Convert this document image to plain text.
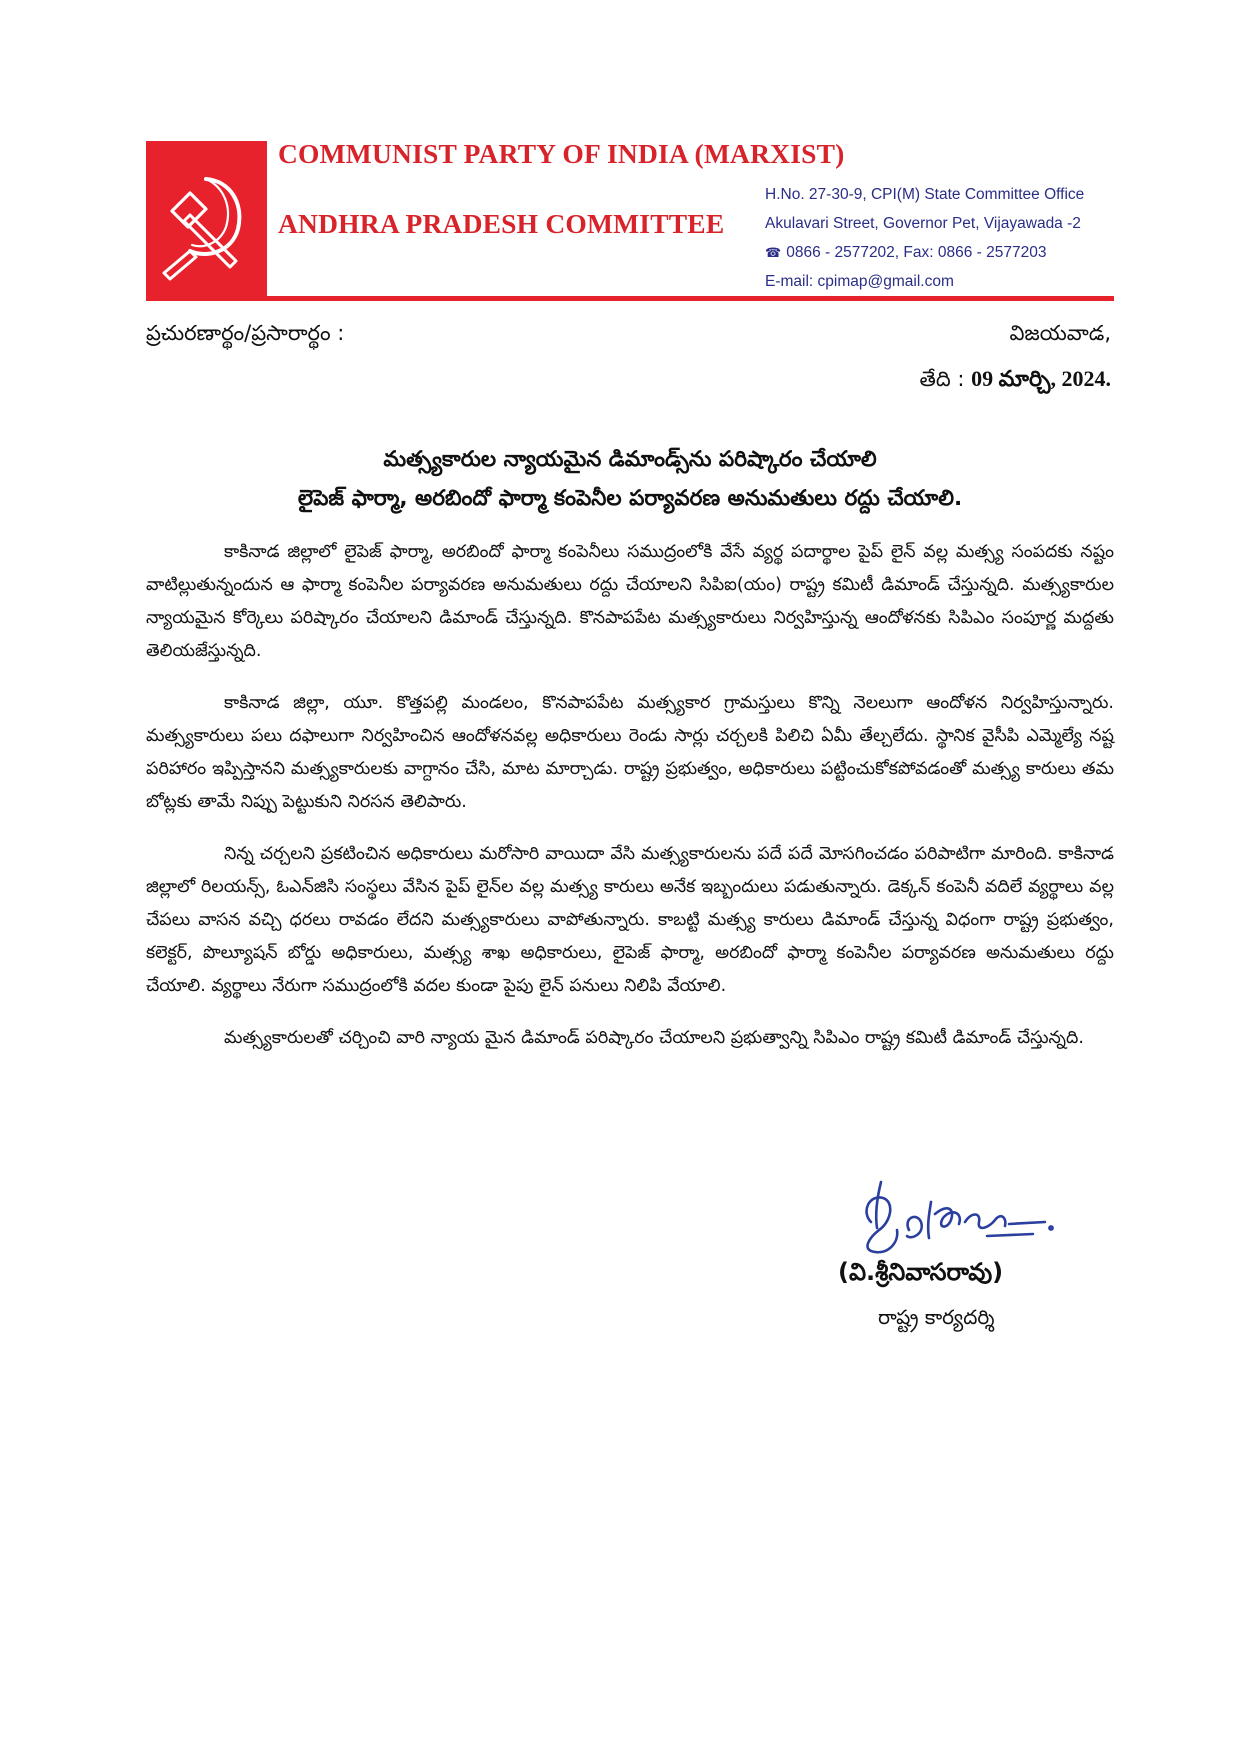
COMMUNIST PARTY OF INDIA (MARXIST)
ANDHRA PRADESH COMMITTEE
H.No. 27-30-9, CPI(M) State Committee Office
Akulavari Street, Governor Pet, Vijayawada -2
☎ 0866 - 2577202, Fax: 0866 - 2577203
E-mail: cpimap@gmail.com
ప్రచురణార్థం/ప్రసారార్థం :	విజయవాడ,
తేది : 09 మార్చి, 2024.
మత్స్యకారుల న్యాయమైన డిమాండ్స్‌ను పరిష్కారం చేయాలి
లైపెజ్ ఫార్మా, అరబిందో ఫార్మా కంపెనీల పర్యావరణ అనుమతులు రద్దు చేయాలి.

కాకినాడ జిల్లాలో లైపెజ్ ఫార్మా, అరబిందో ఫార్మా కంపెనీలు సముద్రంలోకి వేసే వ్యర్థ పదార్థాల పైప్ లైన్ వల్ల మత్స్య సంపదకు నష్టం వాటిల్లుతున్నందున ఆ ఫార్మా కంపెనీల పర్యావరణ అనుమతులు రద్దు చేయాలని సిపిఐ(యం) రాష్ట్ర కమిటీ డిమాండ్ చేస్తున్నది. మత్స్యకారుల న్యాయమైన కోర్కెలు పరిష్కారం చేయాలని డిమాండ్ చేస్తున్నది. కొనపాపపేట మత్స్యకారులు నిర్వహిస్తున్న ఆందోళనకు సిపిఎం సంపూర్ణ మద్దతు తెలియజేస్తున్నది.

కాకినాడ జిల్లా, యూ. కొత్తపల్లి మండలం, కొనపాపపేట మత్స్యకార గ్రామస్తులు కొన్ని నెలలుగా ఆందోళన నిర్వహిస్తున్నారు. మత్స్యకారులు పలు దఫాలుగా నిర్వహించిన ఆందోళనవల్ల అధికారులు రెండు సార్లు చర్చలకి పిలిచి ఏమీ తేల్చలేదు. స్థానిక వైసీపి ఎమ్మెల్యే నష్ట పరిహారం ఇప్పిస్తానని మత్స్యకారులకు వాగ్దానం చేసి, మాట మార్చాడు. రాష్ట్ర ప్రభుత్వం, అధికారులు పట్టించుకోకపోవడంతో మత్స్య కారులు తమ బోట్లకు తామే నిప్పు పెట్టుకుని నిరసన తెలిపారు.

నిన్న చర్చలని ప్రకటించిన అధికారులు మరోసారి వాయిదా వేసి మత్స్యకారులను పదే పదే మోసగించడం పరిపాటిగా మారింది. కాకినాడ జిల్లాలో రిలయన్స్, ఓఎన్‌జిసి సంస్థలు వేసిన పైప్ లైన్‌ల వల్ల మత్స్య కారులు అనేక ఇబ్బందులు పడుతున్నారు. డెక్కన్ కంపెనీ వదిలే వ్యర్థాలు వల్ల చేపలు వాసన వచ్చి ధరలు రావడం లేదని మత్స్యకారులు వాపోతున్నారు. కాబట్టి మత్స్య కారులు డిమాండ్ చేస్తున్న విధంగా రాష్ట్ర ప్రభుత్వం, కలెక్టర్, పొల్యూషన్ బోర్డు అధికారులు, మత్స్య శాఖ అధికారులు, లైపెజ్ ఫార్మా, అరబిందో ఫార్మా కంపెనీల పర్యావరణ అనుమతులు రద్దు చేయాలి. వ్యర్థాలు నేరుగా సముద్రంలోకి వదల కుండా పైపు లైన్ పనులు నిలిపి వేయాలి.

మత్స్యకారులతో చర్చించి వారి న్యాయ మైన డిమాండ్ పరిష్కారం చేయాలని ప్రభుత్వాన్ని సిపిఎం రాష్ట్ర కమిటీ డిమాండ్ చేస్తున్నది.

(వి.శ్రీనివాసరావు)
రాష్ట్ర కార్యదర్శి
